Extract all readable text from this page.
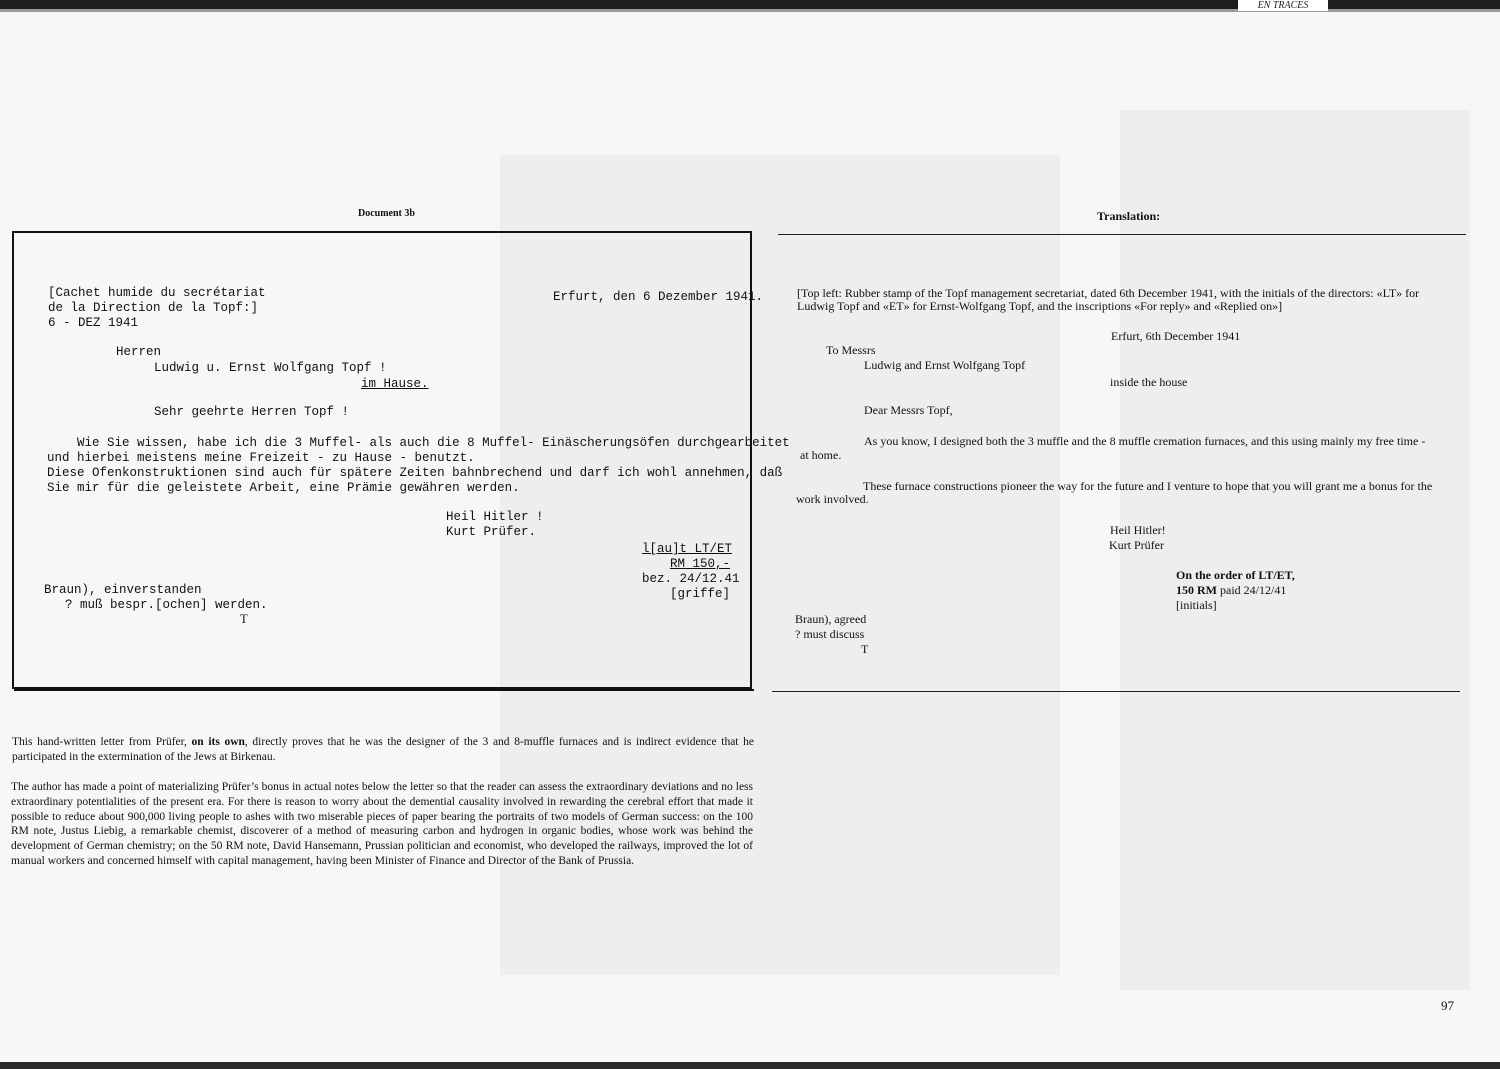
EN TRACES
Document 3b	Translation:
[Cachet humide du secrétariat
de la Direction de la Topf:]
6 - DEZ 1941
Erfurt, den 6 Dezember 1941.
Herren
Ludwig u. Ernst Wolfgang Topf !
im Hause.
Sehr geehrte Herren Topf !
Wie Sie wissen, habe ich die 3 Muffel- als auch die 8 Muffel- Einäscherungsöfen durchgearbeitet
und hierbei meistens meine Freizeit - zu Hause - benutzt.
Diese Ofenkonstruktionen sind auch für spätere Zeiten bahnbrechend und darf ich wohl annehmen, daß
Sie mir für die geleistete Arbeit, eine Prämie gewähren werden.
Heil Hitler !
Kurt Prüfer.
l[au]t LT/ET
RM 150,-
bez. 24/12.41
[griffe]
Braun), einverstanden
? muß bespr.[ochen] werden.
T
[Top left: Rubber stamp of the Topf management secretariat, dated 6th December 1941, with the initials of the directors: «LT» for
Ludwig Topf and «ET» for Ernst-Wolfgang Topf, and the inscriptions «For reply» and «Replied on»]
Erfurt, 6th December 1941
To Messrs
Ludwig and Ernst Wolfgang Topf
inside the house
Dear Messrs Topf,
As you know, I designed both the 3 muffle and the 8 muffle cremation furnaces, and this using mainly my free time -
at home.
These furnace constructions pioneer the way for the future and I venture to hope that you will grant me a bonus for the
work involved.
Heil Hitler!
Kurt Prüfer
On the order of LT/ET,
150 RM paid 24/12/41
[initials]
Braun), agreed
? must discuss
T
This hand-written letter from Prüfer, on its own, directly proves that he was the designer of the 3 and 8-muffle furnaces and is indirect evidence that he participated in the extermination of the Jews at Birkenau.
The author has made a point of materializing Prüfer’s bonus in actual notes below the letter so that the reader can assess the extraordinary deviations and no less extraordinary potentialities of the present era. For there is reason to worry about the demential causality involved in rewarding the cerebral effort that made it possible to reduce about 900,000 living people to ashes with two miserable pieces of paper bearing the portraits of two models of German success: on the 100 RM note, Justus Liebig, a remarkable chemist, discoverer of a method of measuring carbon and hydrogen in organic bodies, whose work was behind the development of German chemistry; on the 50 RM note, David Hansemann, Prussian politician and economist, who developed the railways, improved the lot of manual workers and concerned himself with capital management, having been Minister of Finance and Director of the Bank of Prussia.
97
